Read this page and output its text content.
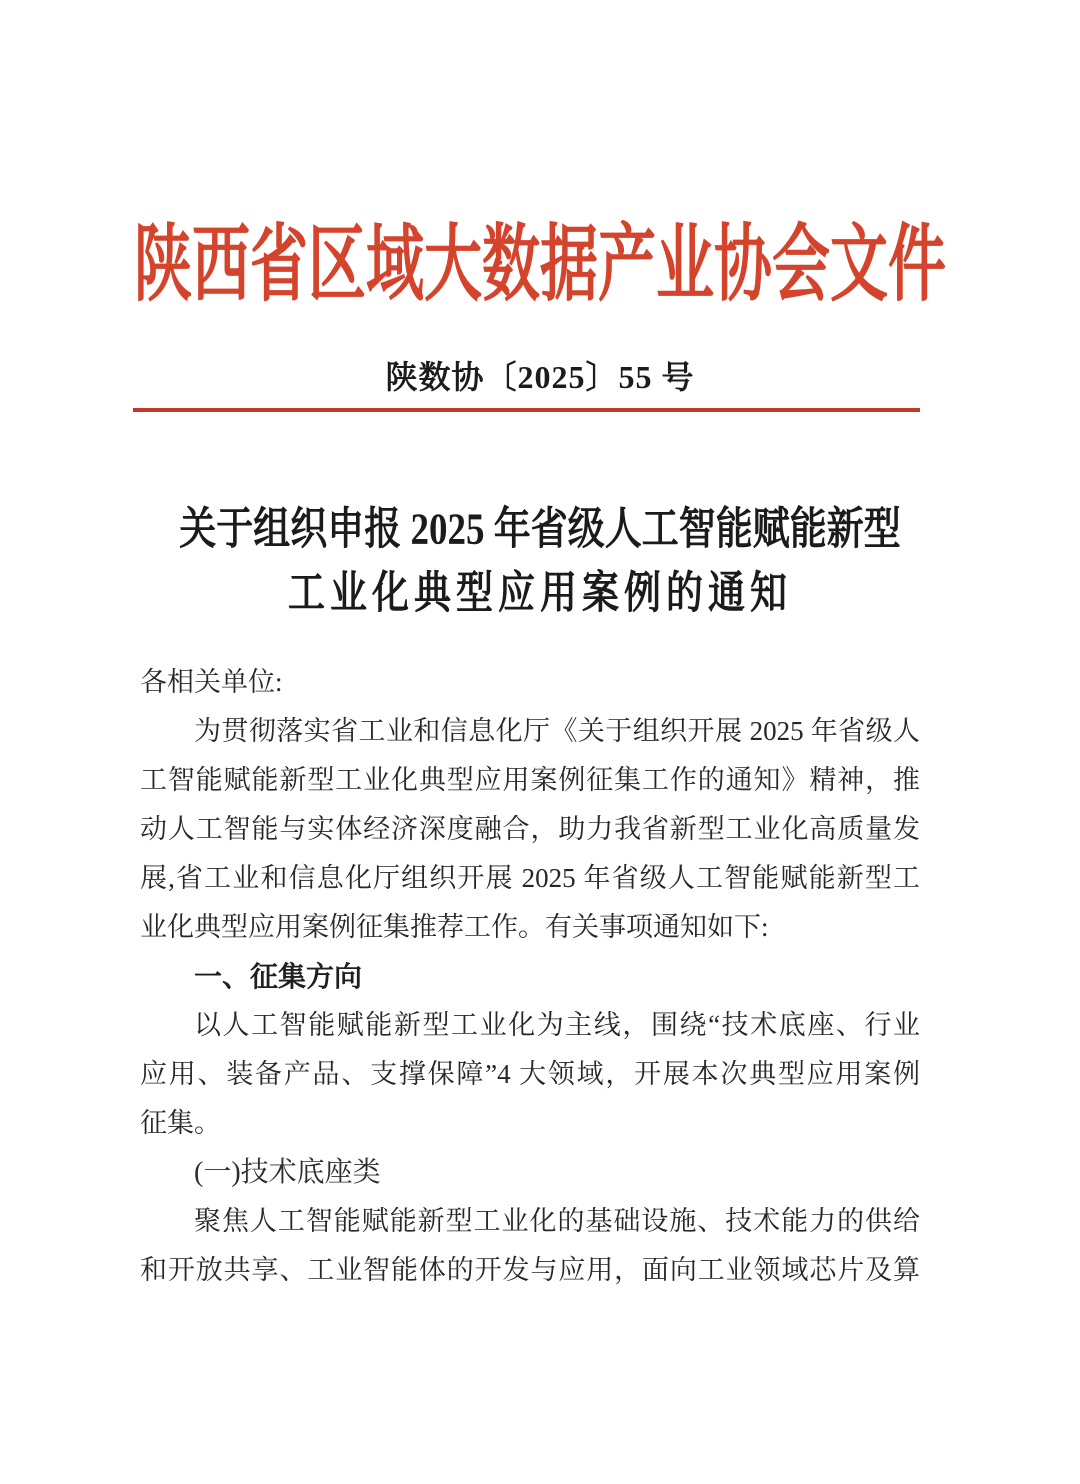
陕西省区域大数据产业协会文件
陕数协〔2025〕55 号
关于组织申报 2025 年省级人工智能赋能新型
工业化典型应用案例的通知
各相关单位:
为贯彻落实省工业和信息化厅《关于组织开展 2025 年省级人
工智能赋能新型工业化典型应用案例征集工作的通知》精神，推
动人工智能与实体经济深度融合，助力我省新型工业化高质量发
展,省工业和信息化厅组织开展 2025 年省级人工智能赋能新型工
业化典型应用案例征集推荐工作。有关事项通知如下:
一、征集方向
以人工智能赋能新型工业化为主线，围绕“技术底座、行业
应用、装备产品、支撑保障”4 大领域，开展本次典型应用案例
征集。
(一)技术底座类
聚焦人工智能赋能新型工业化的基础设施、技术能力的供给
和开放共享、工业智能体的开发与应用，面向工业领域芯片及算
